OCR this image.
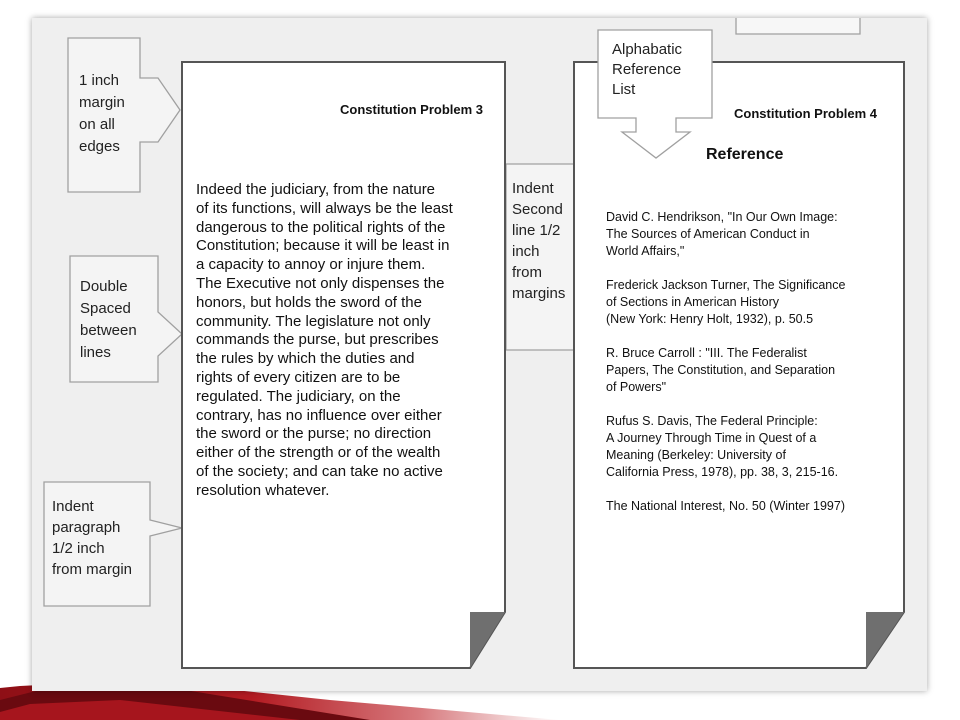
1 inch
margin
on all
edges
Double
Spaced
between
lines
Indent
paragraph
1/2 inch
from margin
Indent
Second
line 1/2
inch
from
margins
Alphabatic
Reference
List
Constitution Problem 3
Indeed the judiciary, from the nature
of its functions, will always be the least
dangerous to the political rights of the
Constitution; because it will be least in
a capacity to annoy or injure them.
The Executive not only dispenses the
honors, but holds the sword of the
community. The legislature not only
commands the purse, but prescribes
the rules by which the duties and
rights of every citizen are to be
regulated. The judiciary, on the
contrary, has no influence over either
the sword or the purse; no direction
either of the strength or of the wealth
of the society; and can take no active
resolution whatever.
Constitution Problem 4
Reference
David C. Hendrikson, "In Our Own Image:
The Sources of American Conduct in
World Affairs,"
Frederick Jackson Turner, The Significance
of Sections in American History
(New York: Henry Holt, 1932), p. 50.5
R. Bruce Carroll : "III. The Federalist
Papers, The Constitution, and Separation
of Powers"
Rufus S. Davis, The Federal Principle:
A Journey Through Time in Quest of a
Meaning (Berkeley: University of
California Press, 1978), pp. 38, 3, 215-16.
The National Interest, No. 50 (Winter 1997)
